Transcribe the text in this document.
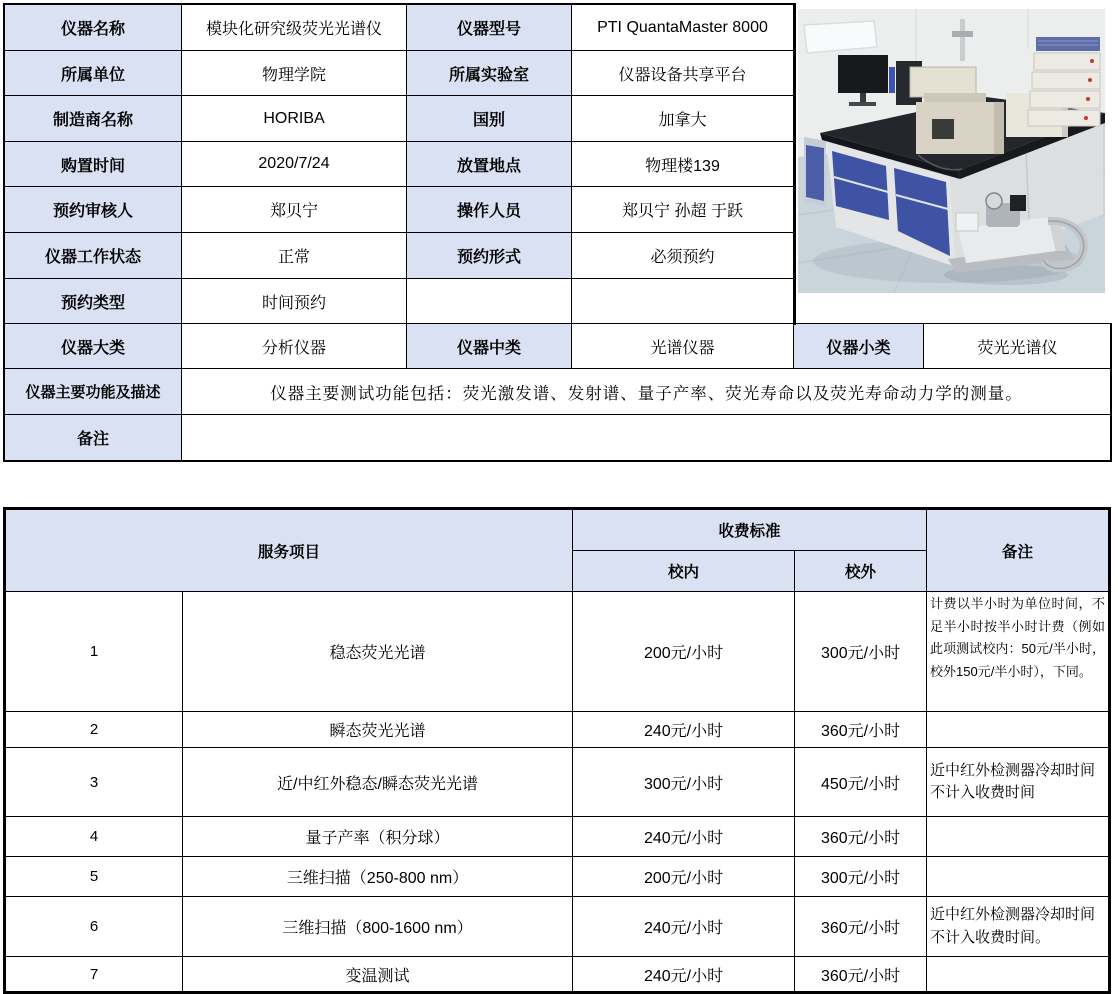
仪器名称	模块化研究级荧光光谱仪	仪器型号	PTI QuantaMaster 8000	

所属单位	物理学院	所属实验室	仪器设备共享平台		
制造商名称	HORIBA	国别	加拿大		
购置时间	2020/7/24	放置地点	物理楼139		
预约审核人	郑贝宁	操作人员	郑贝宁 孙超 于跃		
仪器工作状态	正常	预约形式	必须预约		
预约类型	时间预约				
仪器大类	分析仪器	仪器中类	光谱仪器	仪器小类	荧光光谱仪
仪器主要功能及描述	仪器主要测试功能包括：荧光激发谱、发射谱、量子产率、荧光寿命以及荧光寿命动力学的测量。				
备注					
服务项目		收费标准		备注
		校内	校外	
1	稳态荧光光谱	200元/小时	300元/小时	计费以半小时为单位时间，不足半小时按半小时计费（例如此项测试校内：50元/半小时，校外150元/半小时），下同。
2	瞬态荧光光谱	240元/小时	360元/小时	
3	近/中红外稳态/瞬态荧光光谱	300元/小时	450元/小时	近中红外检测器冷却时间不计入收费时间
4	量子产率（积分球）	240元/小时	360元/小时	
5	三维扫描（250-800 nm）	200元/小时	300元/小时	
6	三维扫描（800-1600 nm）	240元/小时	360元/小时	近中红外检测器冷却时间不计入收费时间。
7	变温测试	240元/小时	360元/小时	
